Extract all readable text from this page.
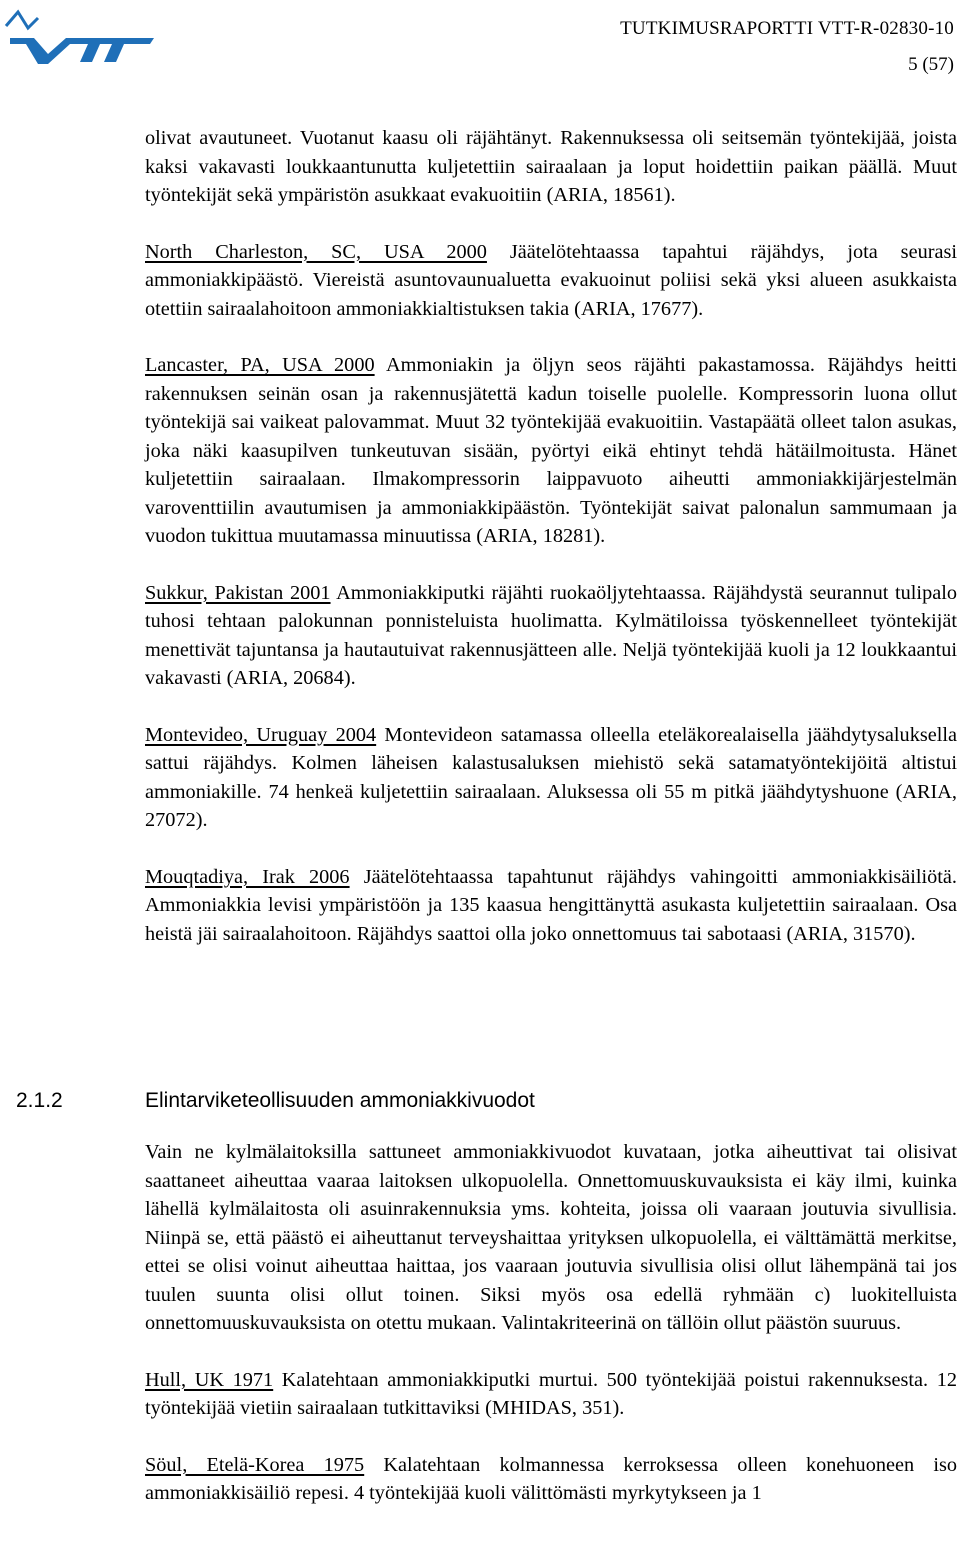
TUTKIMUSRAPORTTI VTT-R-02830-10
5 (57)

olivat avautuneet. Vuotanut kaasu oli räjähtänyt. Rakennuksessa oli seitsemän työntekijää, joista kaksi vakavasti loukkaantunutta kuljetettiin sairaalaan ja loput hoidettiin paikan päällä. Muut työntekijät sekä ympäristön asukkaat evakuoitiin (ARIA, 18561).

North Charleston, SC, USA 2000 Jäätelötehtaassa tapahtui räjähdys, jota seurasi ammoniakkipäästö. Viereistä asuntovaunualuetta evakuoinut poliisi sekä yksi alueen asukkaista otettiin sairaalahoitoon ammoniakkialtistuksen takia (ARIA, 17677).

Lancaster, PA, USA 2000 Ammoniakin ja öljyn seos räjähti pakastamossa. Räjähdys heitti rakennuksen seinän osan ja rakennusjätettä kadun toiselle puolelle. Kompressorin luona ollut työntekijä sai vaikeat palovammat. Muut 32 työntekijää evakuoitiin. Vastapäätä olleet talon asukas, joka näki kaasupilven tunkeutuvan sisään, pyörtyi eikä ehtinyt tehdä hätäilmoitusta. Hänet kuljetettiin sairaalaan. Ilmakompressorin laippavuoto aiheutti ammoniakkijärjestelmän varoventtiilin avautumisen ja ammoniakkipäästön. Työntekijät saivat palonalun sammumaan ja vuodon tukittua muutamassa minuutissa (ARIA, 18281).

Sukkur, Pakistan 2001 Ammoniakkiputki räjähti ruokaöljytehtaassa. Räjähdystä seurannut tulipalo tuhosi tehtaan palokunnan ponnisteluista huolimatta. Kylmätiloissa työskennelleet työntekijät menettivät tajuntansa ja hautautuivat rakennusjätteen alle. Neljä työntekijää kuoli ja 12 loukkaantui vakavasti (ARIA, 20684).

Montevideo, Uruguay 2004 Montevideon satamassa olleella eteläkorealaisella jäähdytysaluksella sattui räjähdys. Kolmen läheisen kalastusaluksen miehistö sekä satamatyöntekijöitä altistui ammoniakille. 74 henkeä kuljetettiin sairaalaan. Aluksessa oli 55 m pitkä jäähdytyshuone (ARIA, 27072).

Mouqtadiya, Irak 2006 Jäätelötehtaassa tapahtunut räjähdys vahingoitti ammoniakkisäiliötä. Ammoniakkia levisi ympäristöön ja 135 kaasua hengittänyttä asukasta kuljetettiin sairaalaan. Osa heistä jäi sairaalahoitoon. Räjähdys saattoi olla joko onnettomuus tai sabotaasi (ARIA, 31570).

2.1.2	Elintarviketeollisuuden ammoniakkivuodot

Vain ne kylmälaitoksilla sattuneet ammoniakkivuodot kuvataan, jotka aiheuttivat tai olisivat saattaneet aiheuttaa vaaraa laitoksen ulkopuolella. Onnettomuuskuvauksista ei käy ilmi, kuinka lähellä kylmälaitosta oli asuinrakennuksia yms. kohteita, joissa oli vaaraan joutuvia sivullisia. Niinpä se, että päästö ei aiheuttanut terveyshaittaa yrityksen ulkopuolella, ei välttämättä merkitse, ettei se olisi voinut aiheuttaa haittaa, jos vaaraan joutuvia sivullisia olisi ollut lähempänä tai jos tuulen suunta olisi ollut toinen. Siksi myös osa edellä ryhmään c) luokitelluista onnettomuuskuvauksista on otettu mukaan. Valintakriteerinä on tällöin ollut päästön suuruus.

Hull, UK 1971 Kalatehtaan ammoniakkiputki murtui. 500 työntekijää poistui rakennuksesta. 12 työntekijää vietiin sairaalaan tutkittaviksi (MHIDAS, 351).

Söul, Etelä-Korea 1975 Kalatehtaan kolmannessa kerroksessa olleen konehuoneen iso ammoniakkisäiliö repesi. 4 työntekijää kuoli välittömästi myrkytykseen ja 1
